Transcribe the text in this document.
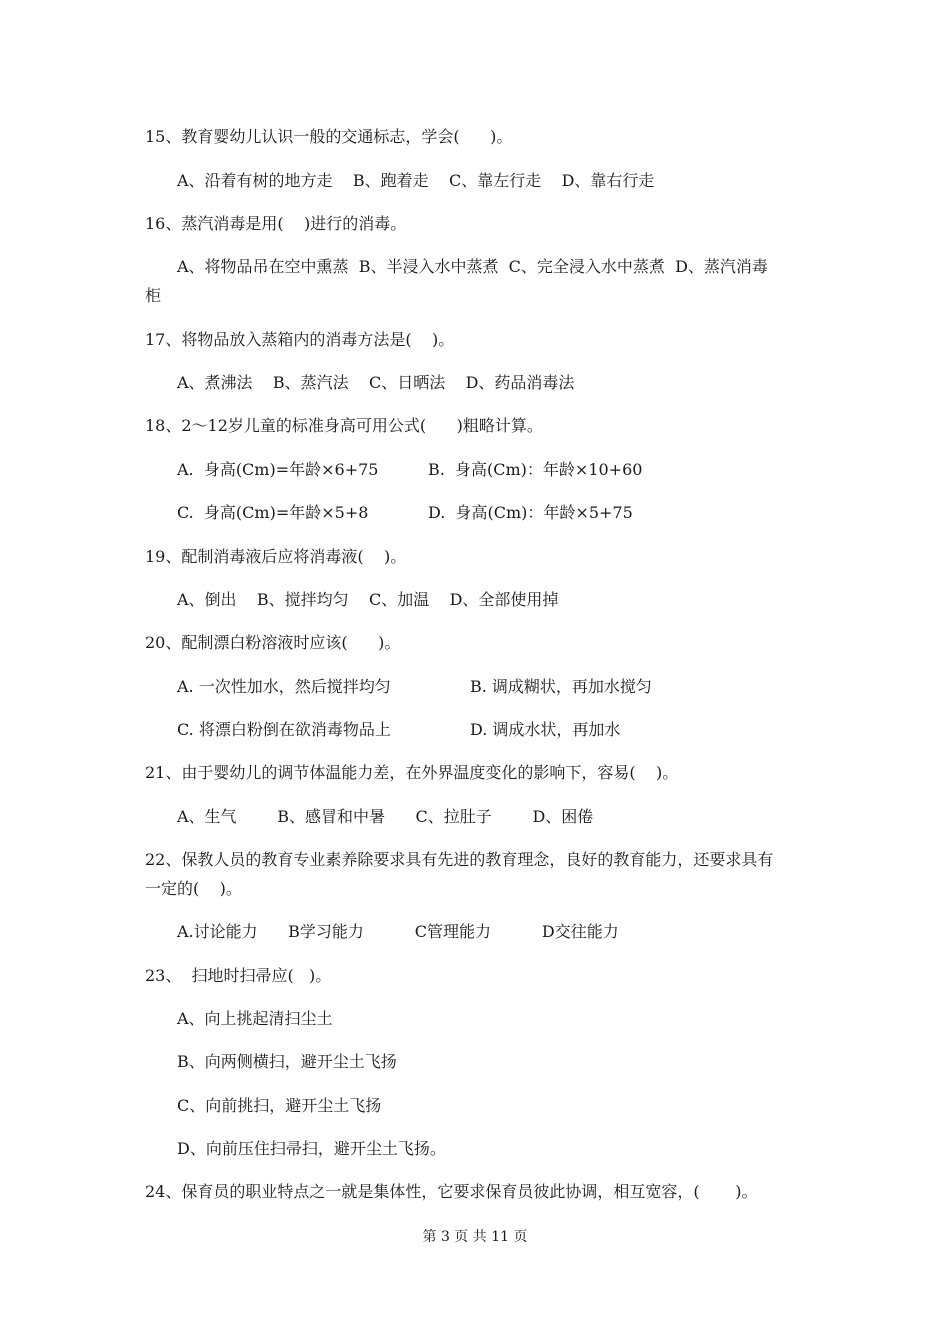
15、教育婴幼儿认识一般的交通标志，学会(      )。
A、沿着有树的地方走    B、跑着走    C、靠左行走    D、靠右行走
16、蒸汽消毒是用(    )进行的消毒。
A、将物品吊在空中熏蒸  B、半浸入水中蒸煮  C、完全浸入水中蒸煮  D、蒸汽消毒
柜
17、将物品放入蒸箱内的消毒方法是(    )。
A、煮沸法    B、蒸汽法    C、日晒法    D、药品消毒法
18、2～12岁儿童的标准身高可用公式(      )粗略计算。
A.  身高(Cm)=年龄×6+75	B.  身高(Cm)：年龄×10+60
C.  身高(Cm)=年龄×5+8	D.  身高(Cm)：年龄×5+75
19、配制消毒液后应将消毒液(    )。
A、倒出    B、搅拌均匀    C、加温    D、全部使用掉
20、配制漂白粉溶液时应该(      )。
A. 一次性加水，然后搅拌均匀	B. 调成糊状，再加水搅匀
C. 将漂白粉倒在欲消毒物品上	D. 调成水状，再加水
21、由于婴幼儿的调节体温能力差，在外界温度变化的影响下，容易(    )。
A、生气        B、感冒和中暑      C、拉肚子        D、困倦
22、保教人员的教育专业素养除要求具有先进的教育理念，良好的教育能力，还要求具有
一定的(    )。
A.讨论能力      B学习能力          C管理能力          D交往能力
23、  扫地时扫帚应(   )。
A、向上挑起清扫尘土
B、向两侧横扫，避开尘土飞扬
C、向前挑扫，避开尘土飞扬
D、向前压住扫帚扫，避开尘土飞扬。
24、保育员的职业特点之一就是集体性，它要求保育员彼此协调，相互宽容，(       )。
第 3 页 共 11 页
